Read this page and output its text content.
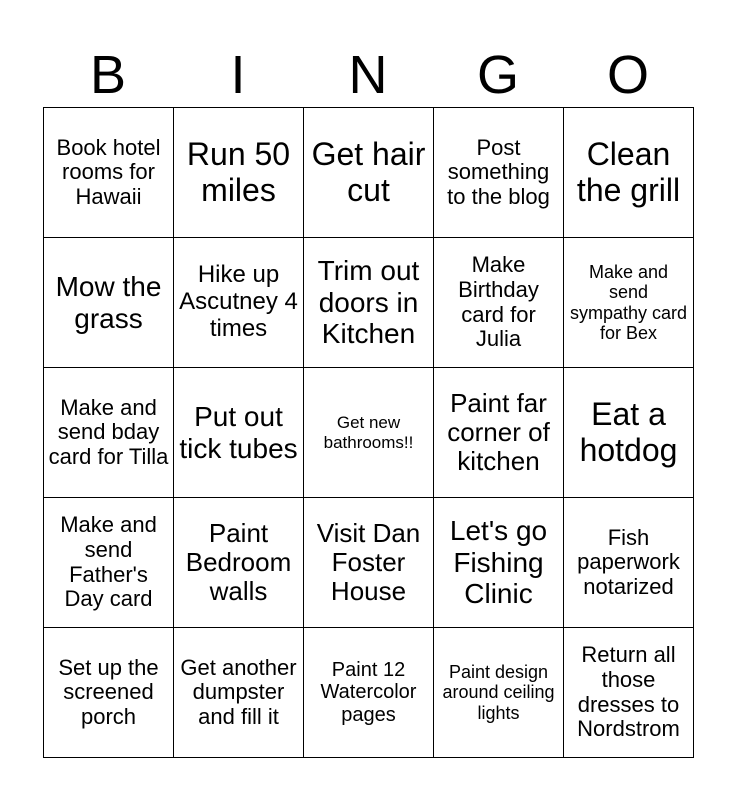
B	I	N	G	O
Book hotel rooms for Hawaii	Run 50 miles	Get hair cut	Post something to the blog	Clean the grill
Mow the grass	Hike up Ascutney 4 times	Trim out doors in Kitchen	Make Birthday card for Julia	Make and send sympathy card for Bex
Make and send bday card for Tilla	Put out tick tubes	Get new bathrooms!!	Paint far corner of kitchen	Eat a hotdog
Make and send Father's Day card	Paint Bedroom walls	Visit Dan Foster House	Let's go Fishing Clinic	Fish paperwork notarized
Set up the screened porch	Get another dumpster and fill it	Paint 12 Watercolor pages	Paint design around ceiling lights	Return all those dresses to Nordstrom
